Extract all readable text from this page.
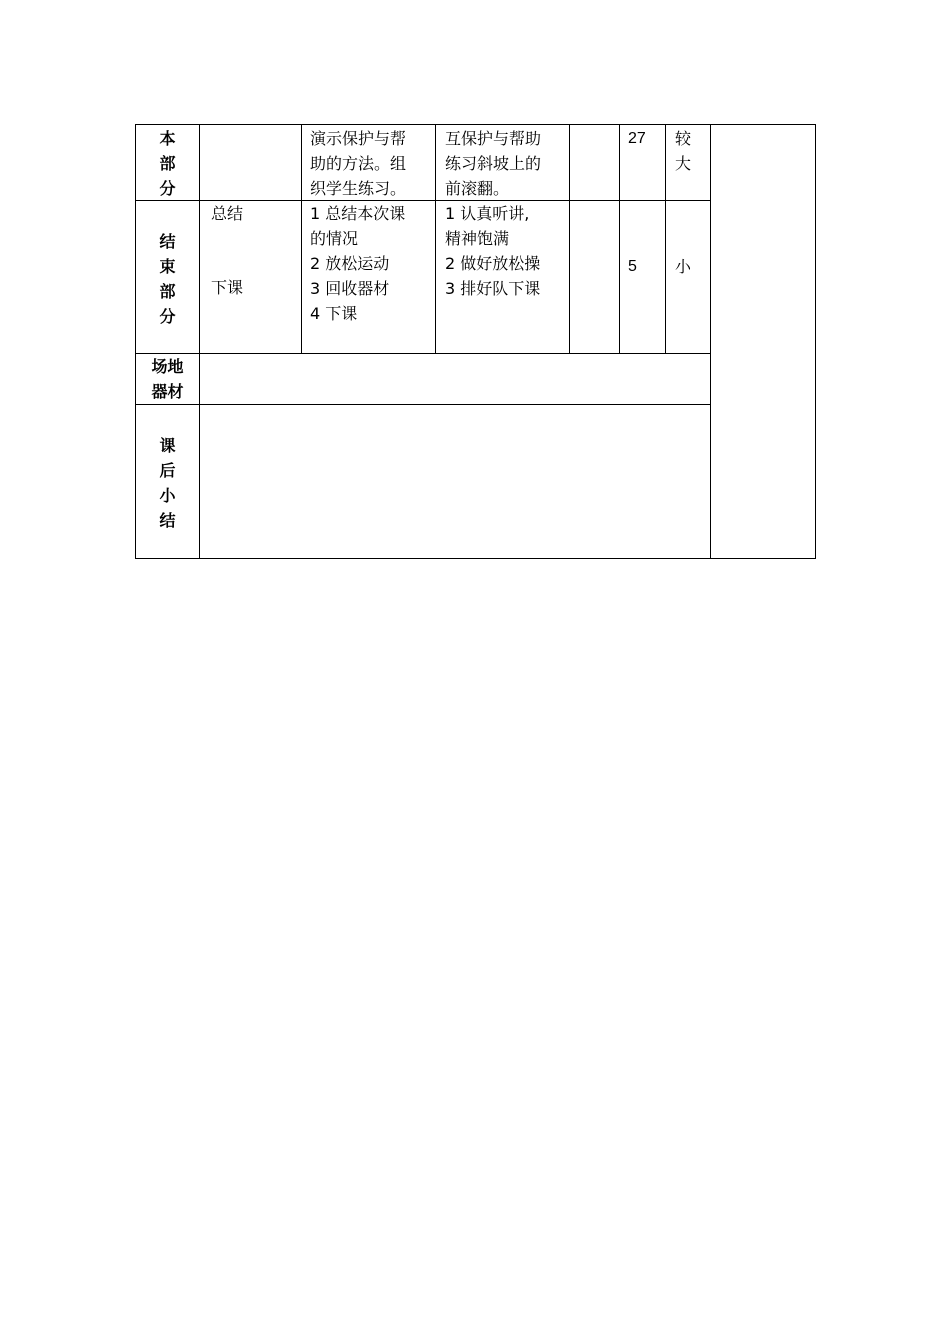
本
部
分
演示保护与帮
助的方法。组
织学生练习。
互保护与帮助
练习斜坡上的
前滚翻。
27	较
大
结
束
部
分
总结
下课
1 总结本次课
的情况
2 放松运动
3 回收器材
4 下课
1 认真听讲,
精神饱满
2 做好放松操
3 排好队下课
5	小
场地
器材
课
后
小
结
